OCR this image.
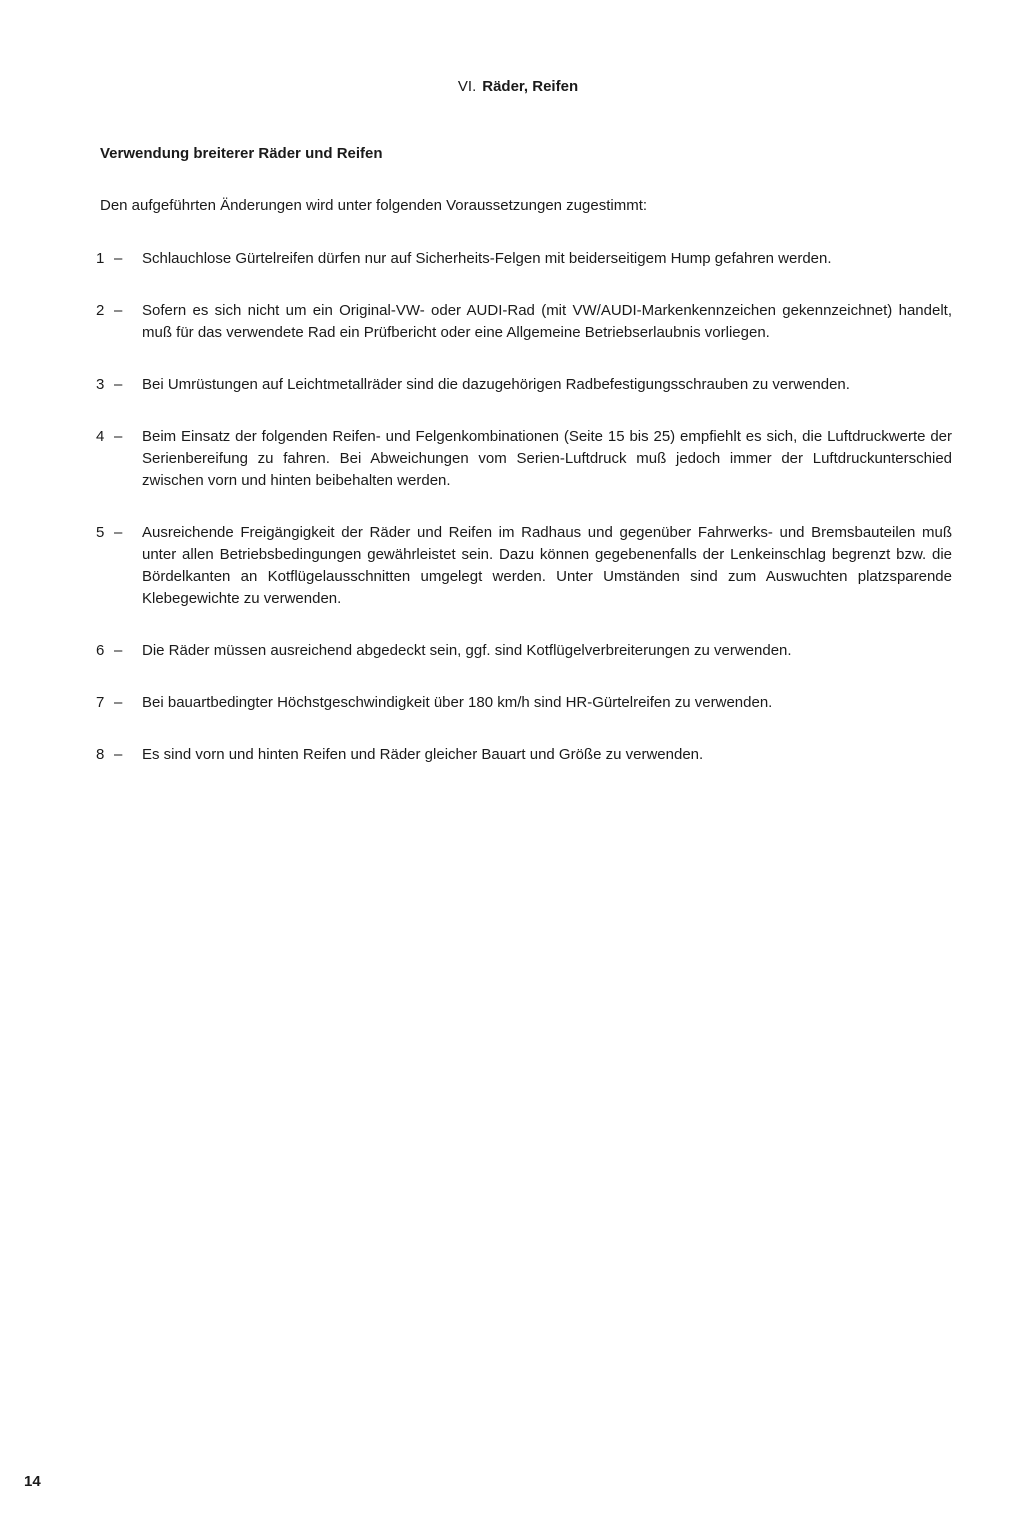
VI. Räder, Reifen
Verwendung breiterer Räder und Reifen
Den aufgeführten Änderungen wird unter folgenden Voraussetzungen zugestimmt:
1 –	Schlauchlose Gürtelreifen dürfen nur auf Sicherheits-Felgen mit beiderseitigem Hump gefahren werden.
2 –	Sofern es sich nicht um ein Original-VW- oder AUDI-Rad (mit VW/AUDI-Markenkennzeichen gekennzeichnet) handelt, muß für das verwendete Rad ein Prüfbericht oder eine Allgemeine Betriebserlaubnis vorliegen.
3 –	Bei Umrüstungen auf Leichtmetallräder sind die dazugehörigen Radbefestigungsschrauben zu verwenden.
4 –	Beim Einsatz der folgenden Reifen- und Felgenkombinationen (Seite 15 bis 25) empfiehlt es sich, die Luftdruckwerte der Serienbereifung zu fahren. Bei Abweichungen vom Serien-Luftdruck muß jedoch immer der Luftdruckunterschied zwischen vorn und hinten beibehalten werden.
5 –	Ausreichende Freigängigkeit der Räder und Reifen im Radhaus und gegenüber Fahrwerks- und Bremsbauteilen muß unter allen Betriebsbedingungen gewährleistet sein. Dazu können gegebenenfalls der Lenkeinschlag begrenzt bzw. die Bördelkanten an Kotflügelausschnitten umgelegt werden. Unter Umständen sind zum Auswuchten platzsparende Klebegewichte zu verwenden.
6 –	Die Räder müssen ausreichend abgedeckt sein, ggf. sind Kotflügelverbreiterungen zu verwenden.
7 –	Bei bauartbedingter Höchstgeschwindigkeit über 180 km/h sind HR-Gürtelreifen zu verwenden.
8 –	Es sind vorn und hinten Reifen und Räder gleicher Bauart und Größe zu verwenden.
14
